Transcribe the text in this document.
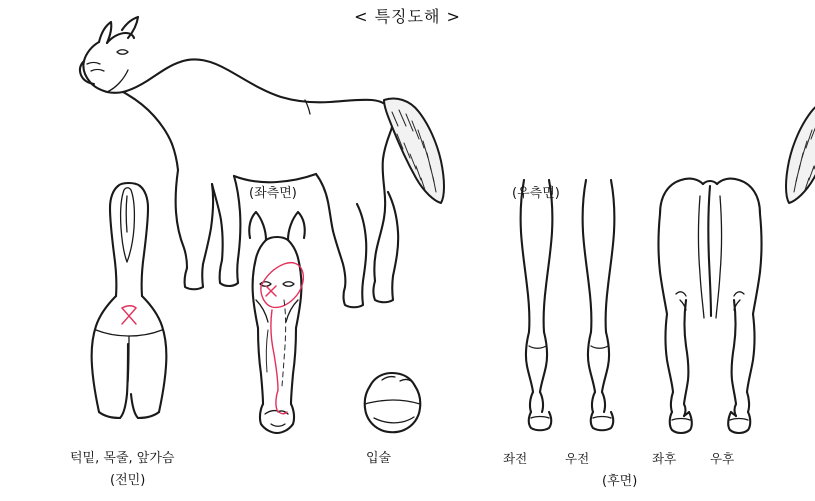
< 특징도해 >
(좌측면)	(우측면)
턱밑, 목줄, 앞가슴
(전민)
입술	좌전	우전	좌후	우후
(후면)
